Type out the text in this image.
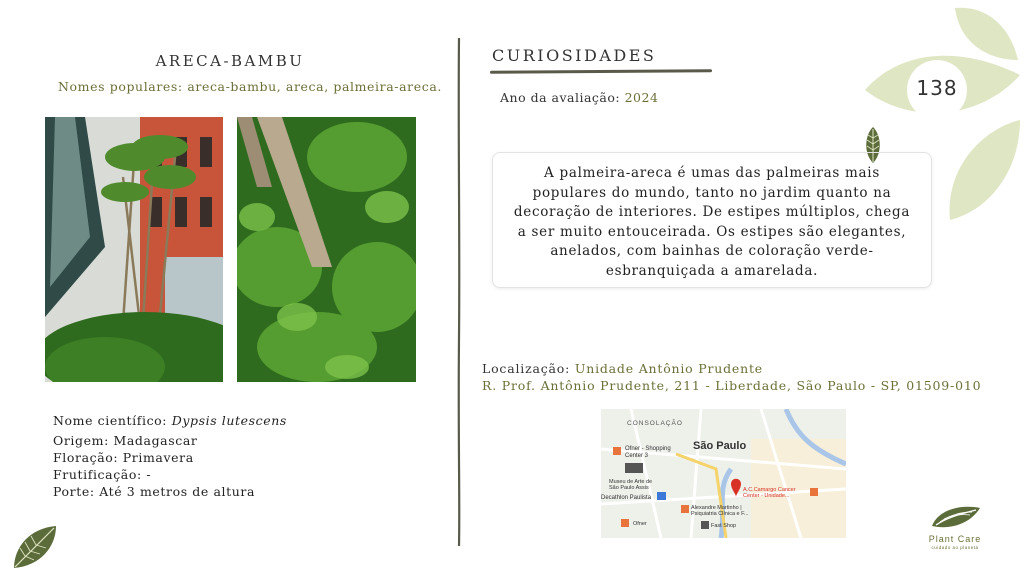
138
ARECA-BAMBU
Nomes populares: areca-bambu, areca, palmeira-areca.
Nome científico: Dypsis lutescens
Origem: Madagascar
Floração: Primavera
Frutificação: -
Porte: Até 3 metros de altura
CURIOSIDADES
Ano da avaliação: 2024
A palmeira-areca é umas das palmeiras mais populares do mundo, tanto no jardim quanto na decoração de interiores. De estipes múltiplos, chega a ser muito entouceirada. Os estipes são elegantes, anelados, com bainhas de coloração verde-esbranquiçada a amarelada.
Localização: Unidade Antônio Prudente
R. Prof. Antônio Prudente, 211 - Liberdade, São Paulo - SP, 01509-010
CONSOLAÇÃO
São Paulo
Ofner - Shopping
Center 3
Museu de Arte de
São Paulo Assis
Decathlon Paulista
A.C.Camargo Cancer
Center - Unidade...
Alexandre Martinho |
Psiquiatria Clínica e F...
Fast Shop
Ofner
Plant Care
cuidado ao planeta
